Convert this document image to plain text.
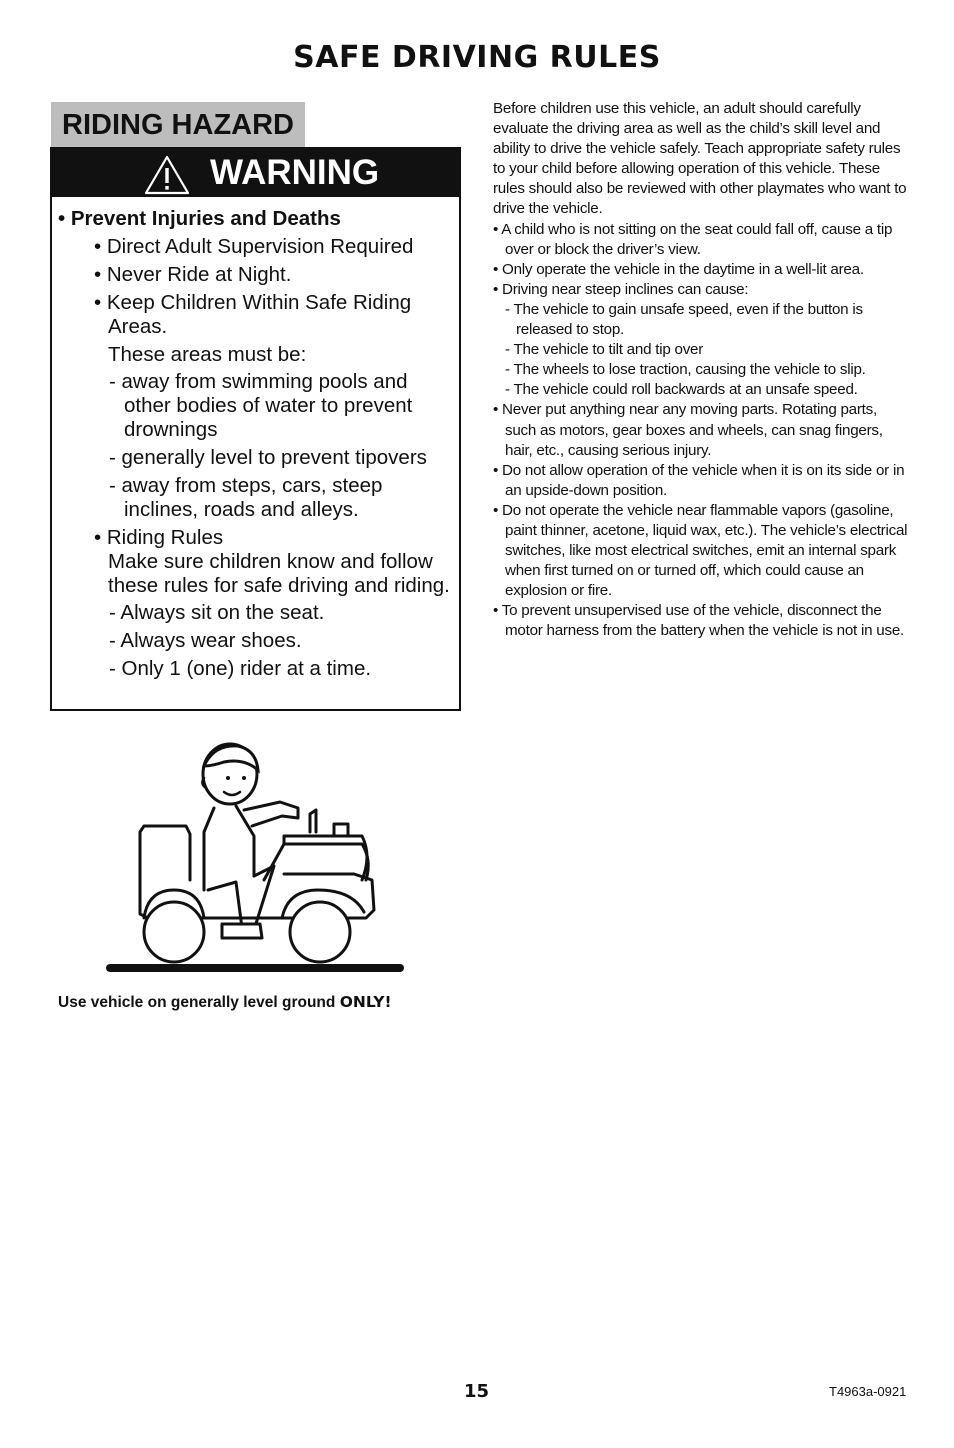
SAFE DRIVING RULES
RIDING HAZARD
WARNING

• Prevent Injuries and Deaths

• Direct Adult Supervision Required

• Never Ride at Night.

• Keep Children Within Safe Riding Areas.

These areas must be:

- away from swimming pools and other bodies of water to prevent drownings

- generally level to prevent tipovers

- away from steps, cars, steep inclines, roads and alleys.

• Riding Rules

Make sure children know and follow these rules for safe driving and riding.

- Always sit on the seat.

- Always wear shoes.

- Only 1 (one) rider at a time.

Before children use this vehicle, an adult should carefully evaluate the driving area as well as the child’s skill level and ability to drive the vehicle safely. Teach appropriate safety rules to your child before allowing operation of this vehicle. These rules should also be reviewed with other playmates who want to drive the vehicle.

• A child who is not sitting on the seat could fall off, cause a tip over or block the driver’s view.

• Only operate the vehicle in the daytime in a well-lit area.

• Driving near steep inclines can cause:

- The vehicle to gain unsafe speed, even if the button is released to stop.

- The vehicle to tilt and tip over

- The wheels to lose traction, causing the vehicle to slip.

- The vehicle could roll backwards at an unsafe speed.

• Never put anything near any moving parts. Rotating parts, such as motors, gear boxes and wheels, can snag fingers, hair, etc., causing serious injury.

• Do not allow operation of the vehicle when it is on its side or in an upside-down position.

• Do not operate the vehicle near flammable vapors (gasoline, paint thinner, acetone, liquid wax, etc.). The vehicle’s electrical switches, like most electrical switches, emit an internal spark when first turned on or turned off, which could cause an explosion or fire.

• To prevent unsupervised use of the vehicle, disconnect the motor harness from the battery when the vehicle is not in use.

Use vehicle on generally level ground ONLY!
15	T4963a-0921
